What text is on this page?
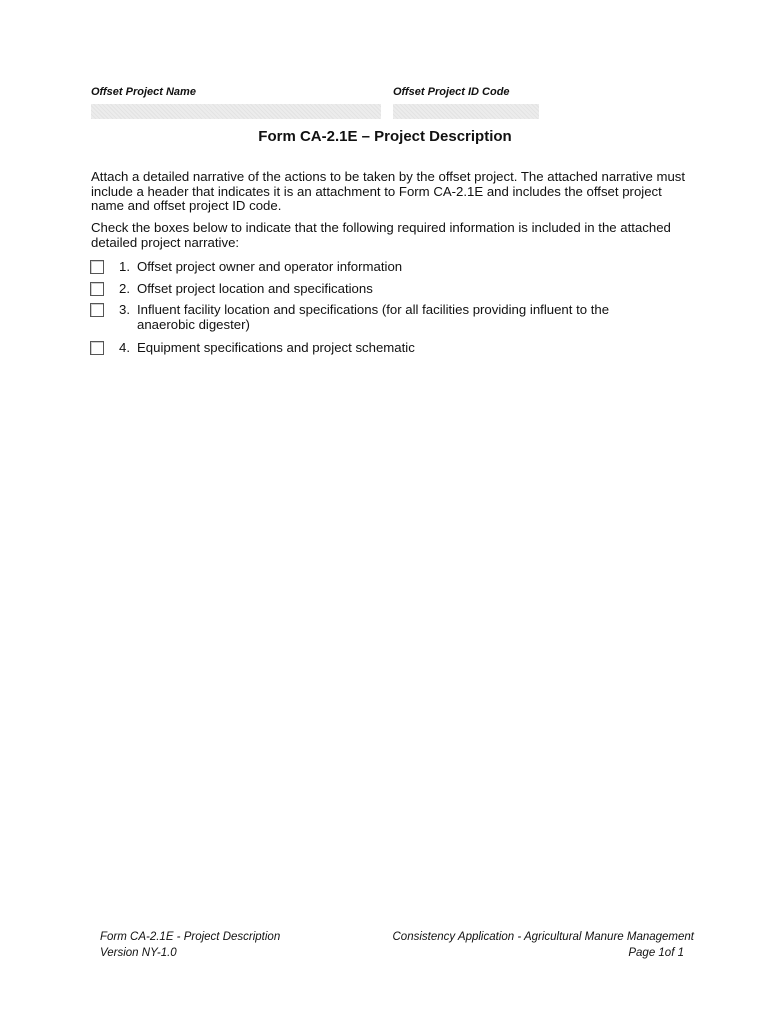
Offset Project Name	Offset Project ID Code
Form CA-2.1E – Project Description

Attach a detailed narrative of the actions to be taken by the offset project. The attached narrative must include a header that indicates it is an attachment to Form CA-2.1E and includes the offset project name and offset project ID code.

Check the boxes below to indicate that the following required information is included in the attached detailed project narrative:

1. Offset project owner and operator information
2. Offset project location and specifications
3. Influent facility location and specifications (for all facilities providing influent to the anaerobic digester)
4. Equipment specifications and project schematic
Form CA-2.1E - Project Description
Version NY-1.0
Consistency Application - Agricultural Manure Management
Page 1of 1
